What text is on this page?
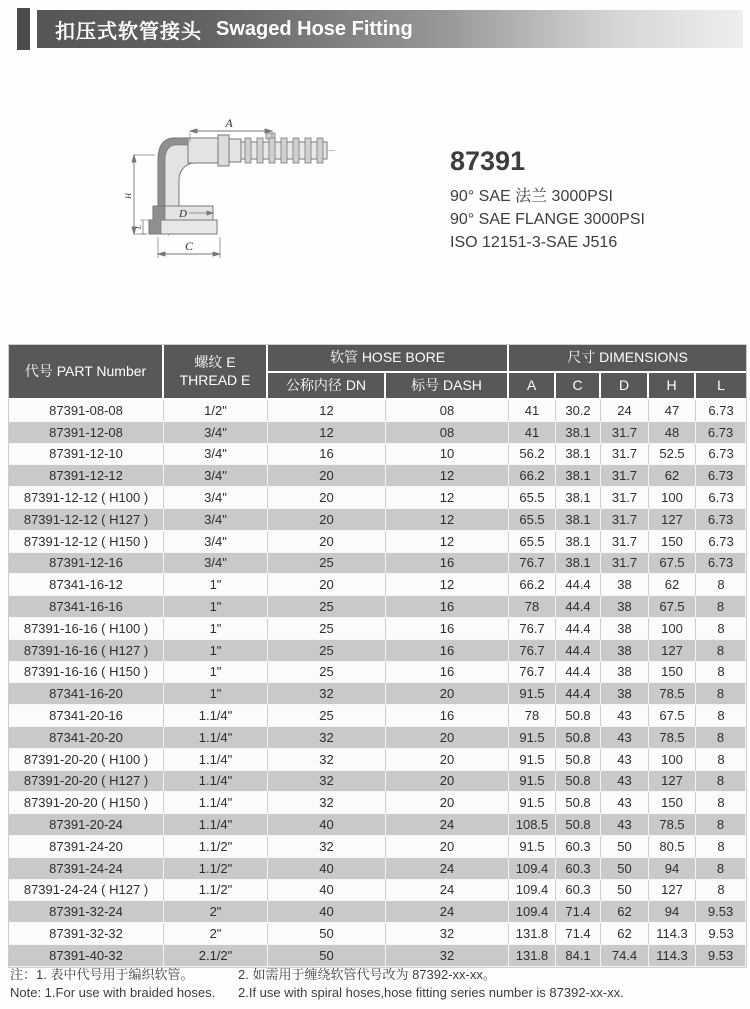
扣压式软管接头 Swaged Hose Fitting
A
H
L
C
D
87391
90° SAE 法兰 3000PSI
90° SAE FLANGE 3000PSI
ISO 12151-3-SAE J516
代号 PART Number	螺纹 E
THREAD E	软管 HOSE BORE		尺寸 DIMENSIONS				
		公称内径 DN	标号 DASH	A	C	D	H	L
87391-08-08	1/2"	12	08	41	30.2	24	47	6.73
87391-12-08	3/4"	12	08	41	38.1	31.7	48	6.73
87391-12-10	3/4"	16	10	56.2	38.1	31.7	52.5	6.73
87391-12-12	3/4"	20	12	66.2	38.1	31.7	62	6.73
87391-12-12 ( H100 )	3/4"	20	12	65.5	38.1	31.7	100	6.73
87391-12-12 ( H127 )	3/4"	20	12	65.5	38.1	31.7	127	6.73
87391-12-12 ( H150 )	3/4"	20	12	65.5	38.1	31.7	150	6.73
87391-12-16	3/4"	25	16	76.7	38.1	31.7	67.5	6.73
87341-16-12	1"	20	12	66.2	44.4	38	62	8
87341-16-16	1"	25	16	78	44.4	38	67.5	8
87391-16-16 ( H100 )	1"	25	16	76.7	44.4	38	100	8
87391-16-16 ( H127 )	1"	25	16	76.7	44.4	38	127	8
87391-16-16 ( H150 )	1"	25	16	76.7	44.4	38	150	8
87341-16-20	1"	32	20	91.5	44.4	38	78.5	8
87341-20-16	1.1/4"	25	16	78	50.8	43	67.5	8
87341-20-20	1.1/4"	32	20	91.5	50.8	43	78.5	8
87391-20-20 ( H100 )	1.1/4"	32	20	91.5	50.8	43	100	8
87391-20-20 ( H127 )	1.1/4"	32	20	91.5	50.8	43	127	8
87391-20-20 ( H150 )	1.1/4"	32	20	91.5	50.8	43	150	8
87391-20-24	1.1/4"	40	24	108.5	50.8	43	78.5	8
87391-24-20	1.1/2"	32	20	91.5	60.3	50	80.5	8
87391-24-24	1.1/2"	40	24	109.4	60.3	50	94	8
87391-24-24 ( H127 )	1.1/2"	40	24	109.4	60.3	50	127	8
87391-32-24	2"	40	24	109.4	71.4	62	94	9.53
87391-32-32	2"	50	32	131.8	71.4	62	114.3	9.53
87391-40-32	2.1/2"	50	32	131.8	84.1	74.4	114.3	9.53
注：1. 表中代号用于编织软管。
Note: 1.For use with braided hoses.
2. 如需用于缠绕软管代号改为 87392-xx-xx。
2.If use with spiral hoses,hose fitting series number is 87392-xx-xx.
